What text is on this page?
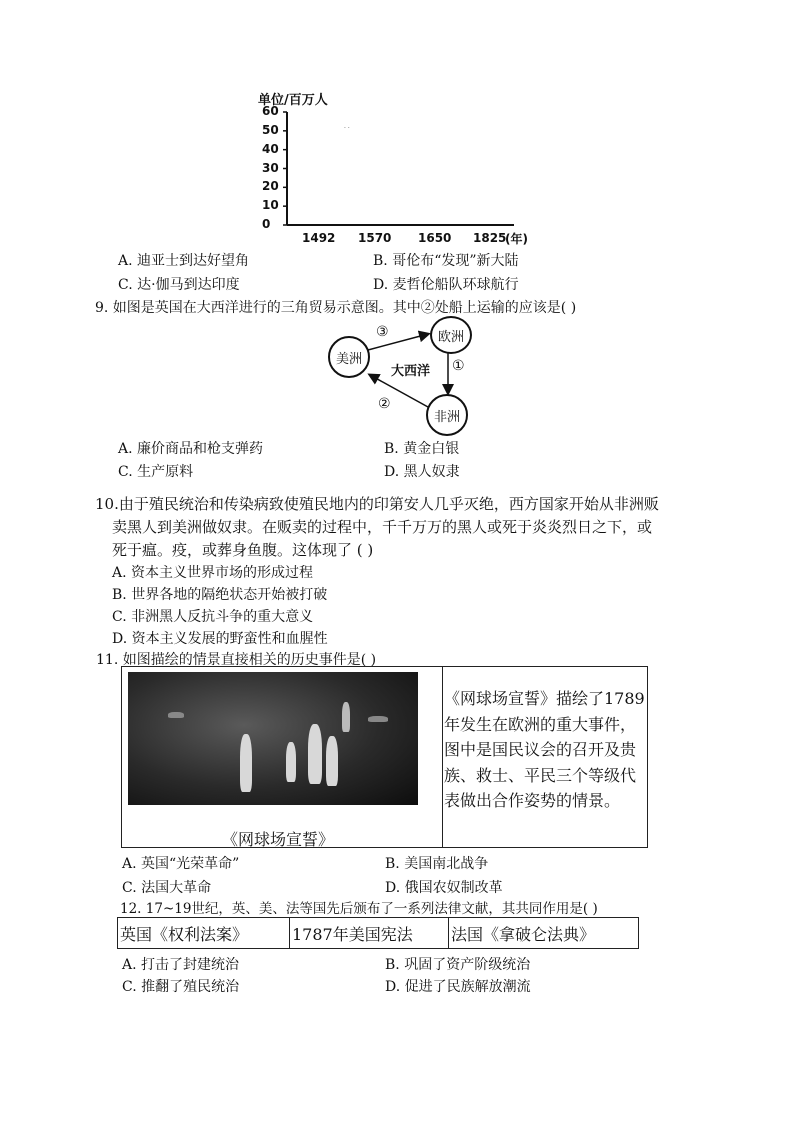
单位/百万人
· ·
60
50
40
30
20
10
0
1492 1570 1650 1825
(年)
A. 迪亚士到达好望角	B. 哥伦布“发现”新大陆
C. 达·伽马到达印度	D. 麦哲伦船队环球航行
9. 如图是英国在大西洋进行的三角贸易示意图。其中②处船上运输的应该是( )
美洲
欧洲
非洲
大西洋
③
①
②
A. 廉价商品和枪支弹药	B. 黄金白银
C. 生产原料	D. 黑人奴隶
10.由于殖民统治和传染病致使殖民地内的印第安人几乎灭绝，西方国家开始从非洲贩
卖黑人到美洲做奴隶。在贩卖的过程中，千千万万的黑人或死于炎炎烈日之下，或
死于瘟。疫，或葬身鱼腹。这体现了 ( )
A. 资本主义世界市场的形成过程
B. 世界各地的隔绝状态开始被打破
C. 非洲黑人反抗斗争的重大意义
D. 资本主义发展的野蛮性和血腥性
11. 如图描绘的情景直接相关的历史事件是( )
《网球场宣誓》
《网球场宣誓》描绘了1789年发生在欧洲的重大事件，图中是国民议会的召开及贵族、救士、平民三个等级代表做出合作姿势的情景。
A. 英国“光荣革命”	B. 美国南北战争
C. 法国大革命	D. 俄国农奴制改革
12. 17~19世纪，英、美、法等国先后颁布了一系列法律文献，其共同作用是( )
英国《权利法案》	1787年美国宪法	法国《拿破仑法典》
A. 打击了封建统治	B. 巩固了资产阶级统治
C. 推翻了殖民统治	D. 促进了民族解放潮流
